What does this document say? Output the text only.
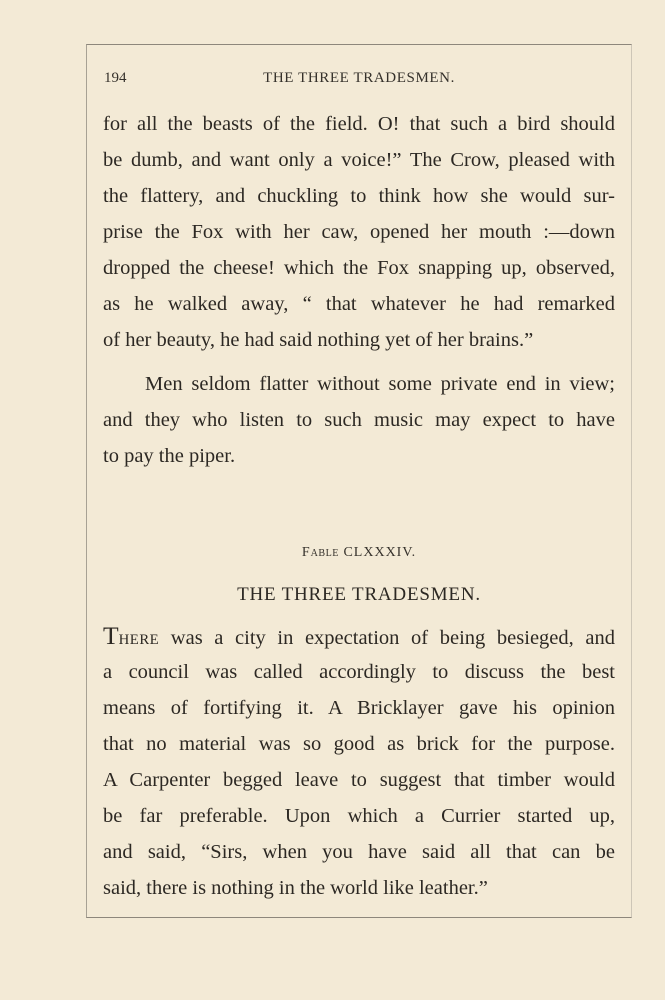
194	THE THREE TRADESMEN.
for all the beasts of the field. O! that such a bird should
be dumb, and want only a voice!” The Crow, pleased with
the flattery, and chuckling to think how she would sur-
prise the Fox with her caw, opened her mouth :—down
dropped the cheese! which the Fox snapping up, observed,
as he walked away, “ that whatever he had remarked
of her beauty, he had said nothing yet of her brains.”
Men seldom flatter without some private end in view;
and they who listen to such music may expect to have
to pay the piper.
FABLE CLXXXIV.
THE THREE TRADESMEN.
THERE was a city in expectation of being besieged, and
a council was called accordingly to discuss the best
means of fortifying it. A Bricklayer gave his opinion
that no material was so good as brick for the purpose.
A Carpenter begged leave to suggest that timber would
be far preferable. Upon which a Currier started up,
and said, “Sirs, when you have said all that can be
said, there is nothing in the world like leather.”
